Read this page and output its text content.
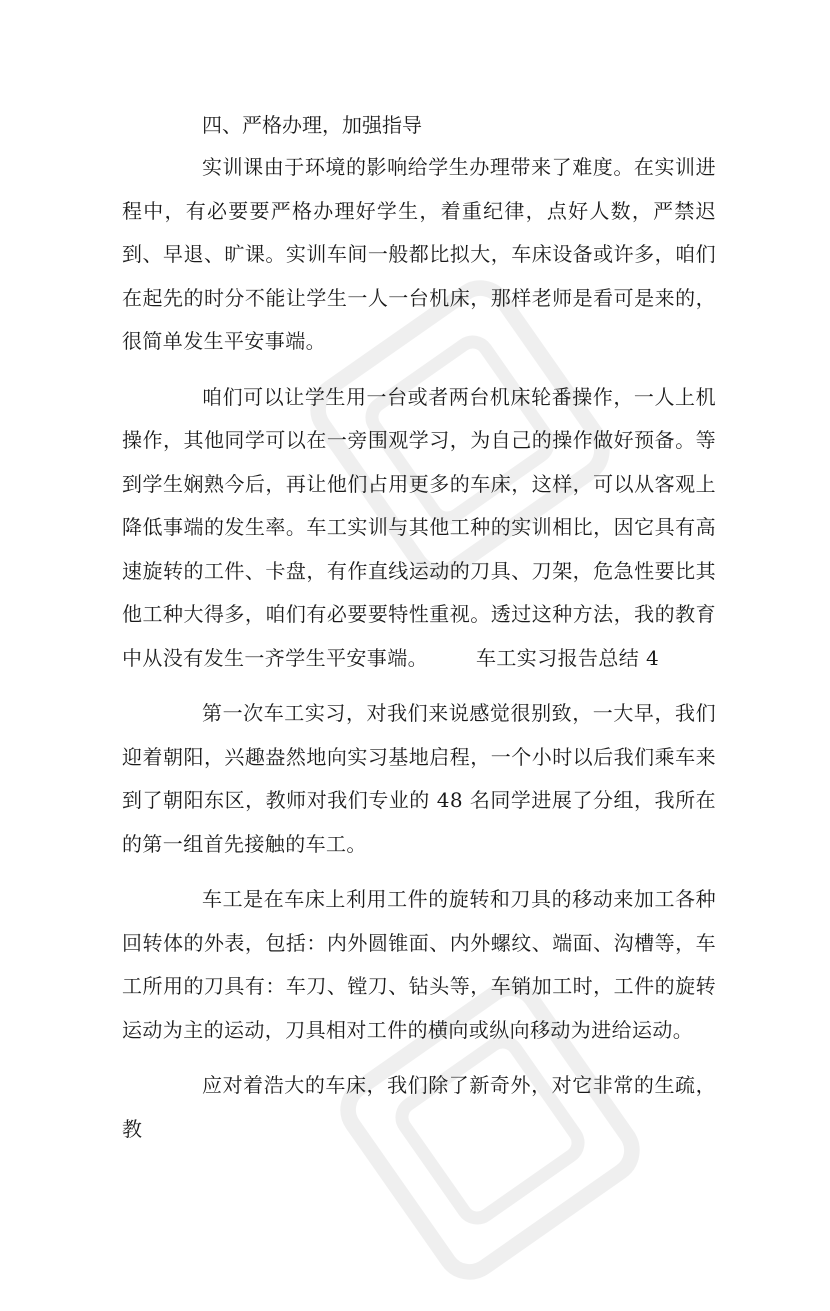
四、严格办理，加强指导

实训课由于环境的影响给学生办理带来了难度。在实训进程中，有必要要严格办理好学生，着重纪律，点好人数，严禁迟到、早退、旷课。实训车间一般都比拟大，车床设备或许多，咱们在起先的时分不能让学生一人一台机床，那样老师是看可是来的，很简单发生平安事端。

咱们可以让学生用一台或者两台机床轮番操作，一人上机操作，其他同学可以在一旁围观学习，为自己的操作做好预备。等到学生娴熟今后，再让他们占用更多的车床，这样，可以从客观上降低事端的发生率。车工实训与其他工种的实训相比，因它具有高速旋转的工件、卡盘，有作直线运动的刀具、刀架，危急性要比其他工种大得多，咱们有必要要特性重视。透过这种方法，我的教育中从没有发生一齐学生平安事端。 车工实习报告总结 4

第一次车工实习，对我们来说感觉很别致，一大早，我们迎着朝阳，兴趣盎然地向实习基地启程，一个小时以后我们乘车来到了朝阳东区，教师对我们专业的 48 名同学进展了分组，我所在的第一组首先接触的车工。

车工是在车床上利用工件的旋转和刀具的移动来加工各种回转体的外表，包括：内外圆锥面、内外螺纹、端面、沟槽等，车工所用的刀具有：车刀、镗刀、钻头等，车销加工时，工件的旋转运动为主的运动，刀具相对工件的横向或纵向移动为进给运动。

应对着浩大的车床，我们除了新奇外，对它非常的生疏，教
